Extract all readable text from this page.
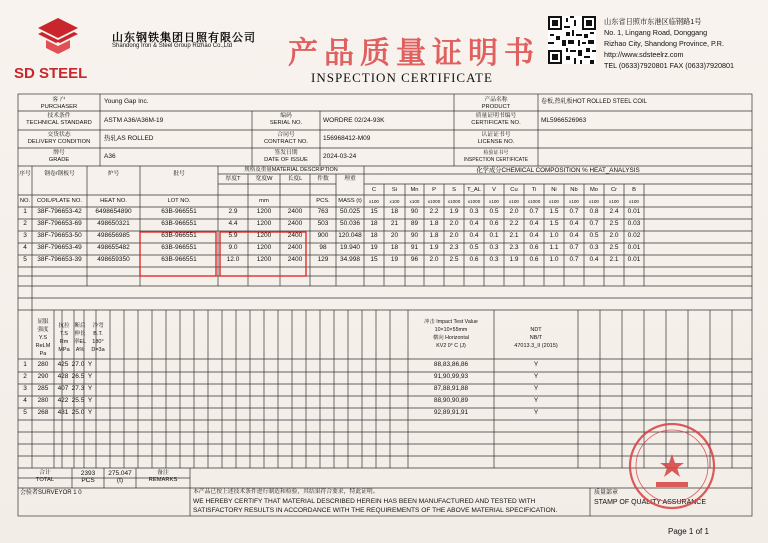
SD STEEL
山东钢铁集团日照有限公司
Shandong Iron & Steel Group Rizhao Co.,Ltd 产品质量证明书
INSPECTION CERTIFICATE
山东省日照市东港区临钢路1号
No. 1, Lingang Road, Donggang
Rizhao City, Shandong Province, P.R.
http://www.sdsteelrz.com
TEL (0633)7920801 FAX (0633)7920801
客 户
PURCHASER
Young Gap Inc.
技术条件
TECHNICAL STANDARD	ASTM A36/A36M-19
交货状态
DELIVERY CONDITION	热轧AS ROLLED
牌号
GRADE	A36
编码
SERIAL NO.	WORDRE 02/24-93K
合同号
CONTRACT NO.	156968412-M09
签发日期
DATE OF ISSUE	2024-03-24
产品名称
PRODUCT
卷板,热轧板HOT ROLLED STEEL COIL
质量证明书编号
CERTIFICATE NO.	ML5966526963
认证证书号
LICENSE NO.
检验证书号
INSPECTION CERTIFICATE
序号
NO.
钢卷/钢板号
COIL/PLATE NO.
炉号
HEAT NO.
批号
LOT NO.
规格及重量MATERIAL DESCRIPTION
厚度T	宽度W	长度L
mm
件数
PCS.
理重
MASS (t)
化学成分CHEMICAL COMPOSITION % HEAT_ANALYSIS
C
x100
Si
x100
Mn
x100
P
x1000
S
x1000
T_AL
x1000
V
x100
Cu
x100
Ti
x1000
Ni
x100
Nb
x100
Mo
x100
Cr
x100
B
x100
1	38F-796653-42	6498654890	63B-966551	2.9	1200	2400	763	50.025	15	18	90	2.2	1.9	0.3	0.5	2.0	0.7	1.5	0.7	0.8	2.4	0.01
2	38F-796653-69	498650321	63B-966551	4.4	1200	2400	503	50.036	18	21	89	1.8	2.0	0.4	0.6	2.2	0.4	1.5	0.4	0.7	2.5	0.03
3	38F-796653-50	498656985	63B-966551	5.9	1200	2400	900	120.048	18	20	90	1.8	2.0	0.4	0.1	2.1	0.4	1.0	0.4	0.5	2.0	0.02
4	38F-796653-49	498655482	63B-966551	9.0	1200	2400	98	19.940	19	18	91	1.9	2.3	0.5	0.3	2.3	0.6	1.1	0.7	0.3	2.5	0.01
5	38F-796653-39	498659350	63B-966551	12.0	1200	2400	129	34.998	15	19	96	2.0	2.5	0.6	0.3	1.9	0.6	1.0	0.7	0.4	2.1	0.01
屈服
强度
Y.S
ReLM
Pa
抗拉
T.S
Rm
MPa
断后
伸长
率EL
A%
冷弯
B.T.
180°
D=3a
冲击 Impact Test Value
10×10×55mm
横向 Horizontal
KV2 0° C (J)
NDT
NB/T
47013.3_II (2015)
1	280	425 27.0 Y	88,83,86,86	Y
2	290	428 26.5 Y	91,90,99,93	Y
3	285	407 27.3 Y	87,88,91,88	Y
4	280	422 25.5 Y	88,90,90,89	Y
5	268	431 25.0 Y	92,89,91,91	Y
合计
TOTAL
2393
PCS
275.047
(t)
备注
REMARKS
会验者SURVEYOR 1 0	本产品已按上述技术条件进行制造和检验，其结果符合要求，特此证明。
WE HEREBY CERTIFY THAT MATERIAL DESCRIBED HEREIN HAS BEEN MANUFACTURED AND TESTED WITH SATISFACTORY RESULTS IN ACCORDANCE WITH THE REQUIREMENTS OF THE ABOVE MATERIAL SPECIFICATION.
质量部章
STAMP OF QUALITY ASSURANCE
Page 1 of 1
